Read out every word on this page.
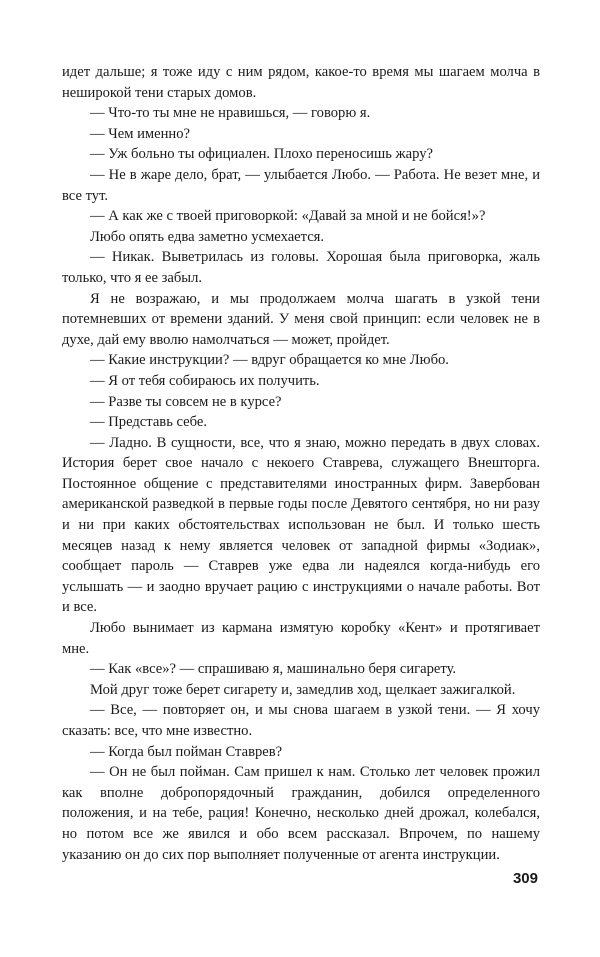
идет дальше; я тоже иду с ним рядом, какое-то время мы шагаем молча в неширокой тени старых домов.

— Что-то ты мне не нравишься, — говорю я.

— Чем именно?

— Уж больно ты официален. Плохо переносишь жару?

— Не в жаре дело, брат, — улыбается Любо. — Работа. Не везет мне, и все тут.

— А как же с твоей приговоркой: «Давай за мной и не бойся!»?

Любо опять едва заметно усмехается.

— Никак. Выветрилась из головы. Хорошая была приговорка, жаль только, что я ее забыл.

Я не возражаю, и мы продолжаем молча шагать в узкой тени потемневших от времени зданий. У меня свой принцип: если человек не в духе, дай ему вволю намолчаться — может, пройдет.

— Какие инструкции? — вдруг обращается ко мне Любо.

— Я от тебя собираюсь их получить.

— Разве ты совсем не в курсе?

— Представь себе.

— Ладно. В сущности, все, что я знаю, можно передать в двух словах. История берет свое начало с некоего Ставрева, служащего Внешторга. Постоянное общение с представителями иностранных фирм. Завербован американской разведкой в первые годы после Девятого сентября, но ни разу и ни при каких обстоятельствах использован не был. И только шесть месяцев назад к нему является человек от западной фирмы «Зодиак», сообщает пароль — Ставрев уже едва ли надеялся когда-нибудь его услышать — и заодно вручает рацию с инструкциями о начале работы. Вот и все.

Любо вынимает из кармана измятую коробку «Кент» и протягивает мне.

— Как «все»? — спрашиваю я, машинально беря сигарету.

Мой друг тоже берет сигарету и, замедлив ход, щелкает зажигалкой.

— Все, — повторяет он, и мы снова шагаем в узкой тени. — Я хочу сказать: все, что мне известно.

— Когда был пойман Ставрев?

— Он не был пойман. Сам пришел к нам. Столько лет человек прожил как вполне добропорядочный гражданин, добился определенного положения, и на тебе, рация! Конечно, несколько дней дрожал, колебался, но потом все же явился и обо всем рассказал. Впрочем, по нашему указанию он до сих пор выполняет полученные от агента инструкции.

309
